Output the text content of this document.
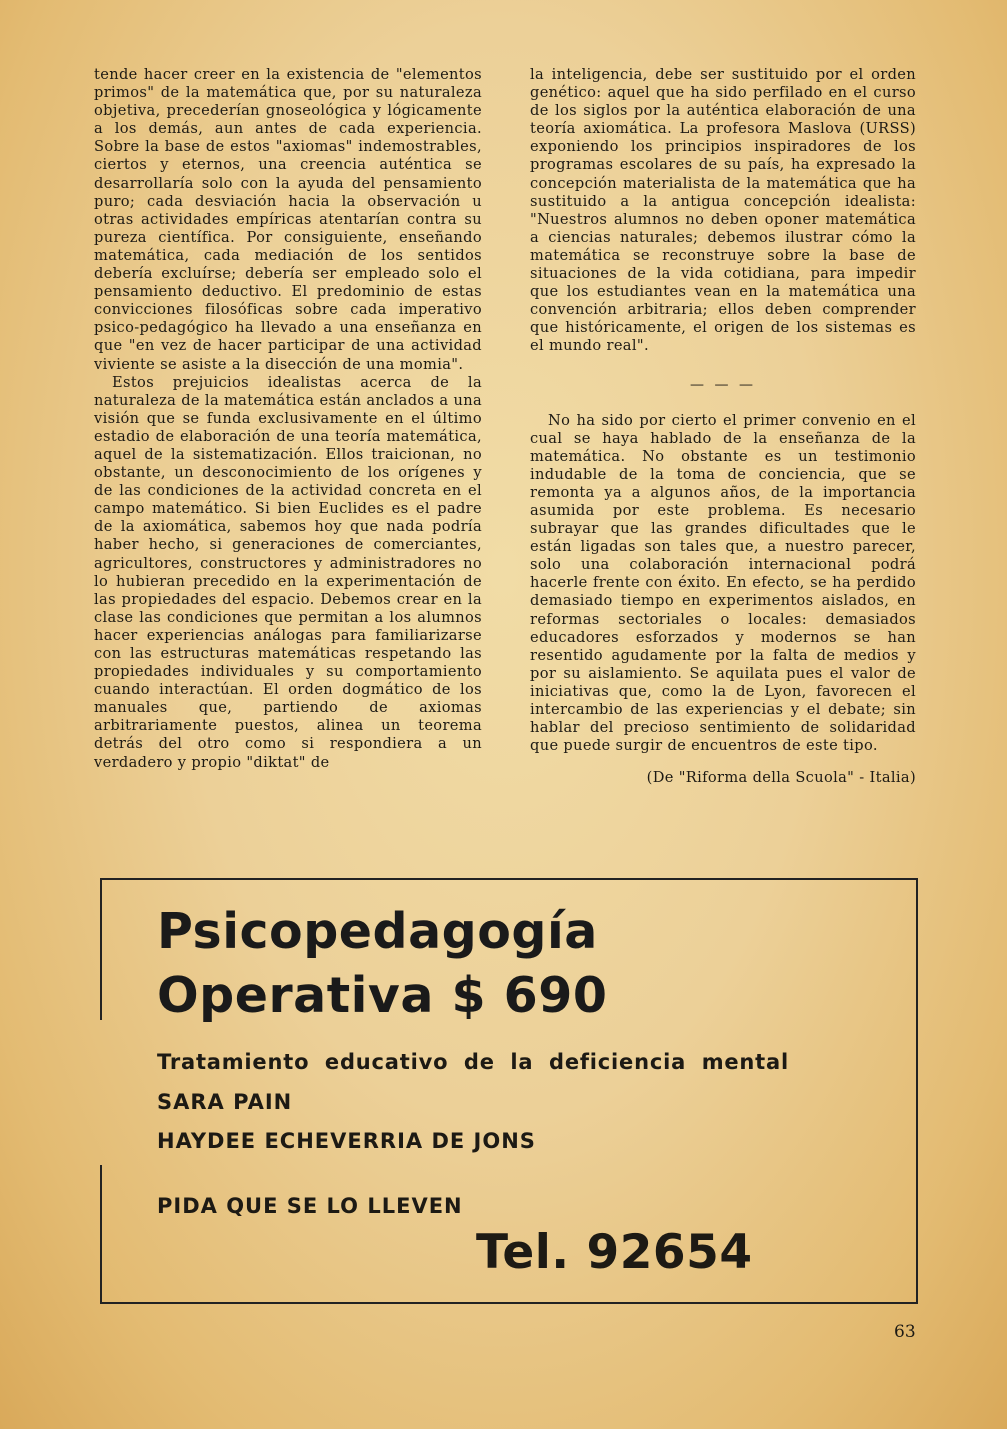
tende hacer creer en la existencia de "elementos primos" de la matemática que, por su naturaleza objetiva, precederían gnoseológica y lógicamente a los demás, aun antes de cada experiencia. Sobre la base de estos "axiomas" indemostrables, ciertos y eternos, una creencia auténtica se desarrollaría solo con la ayuda del pensamiento puro; cada desviación hacia la observación u otras actividades empíricas atentarían contra su pureza científica. Por consiguiente, enseñando matemática, cada mediación de los sentidos debería excluírse; debería ser empleado solo el pensamiento deductivo. El predominio de estas convicciones filosóficas sobre cada imperativo psico-pedagógico ha llevado a una enseñanza en que "en vez de hacer participar de una actividad viviente se asiste a la disección de una momia".

Estos prejuicios idealistas acerca de la naturaleza de la matemática están anclados a una visión que se funda exclusivamente en el último estadio de elaboración de una teoría matemática, aquel de la sistematización. Ellos traicionan, no obstante, un desconocimiento de los orígenes y de las condiciones de la actividad concreta en el campo matemático. Si bien Euclides es el padre de la axiomática, sabemos hoy que nada podría haber hecho, si generaciones de comerciantes, agricultores, constructores y administradores no lo hubieran precedido en la experimentación de las propiedades del espacio. Debemos crear en la clase las condiciones que permitan a los alumnos hacer experiencias análogas para familiarizarse con las estructuras matemáticas respetando las propiedades individuales y su comportamiento cuando interactúan. El orden dogmático de los manuales que, partiendo de axiomas arbitrariamente puestos, alinea un teorema detrás del otro como si respondiera a un verdadero y propio "diktat" de

la inteligencia, debe ser sustituido por el orden genético: aquel que ha sido perfilado en el curso de los siglos por la auténtica elaboración de una teoría axiomática. La profesora Maslova (URSS) exponiendo los principios inspiradores de los programas escolares de su país, ha expresado la concepción materialista de la matemática que ha sustituido a la antigua concepción idealista: "Nuestros alumnos no deben oponer matemática a ciencias naturales; debemos ilustrar cómo la matemática se reconstruye sobre la base de situaciones de la vida cotidiana, para impedir que los estudiantes vean en la matemática una convención arbitraria; ellos deben comprender que históricamente, el origen de los sistemas es el mundo real".

— — —

No ha sido por cierto el primer convenio en el cual se haya hablado de la enseñanza de la matemática. No obstante es un testimonio indudable de la toma de conciencia, que se remonta ya a algunos años, de la importancia asumida por este problema. Es necesario subrayar que las grandes dificultades que le están ligadas son tales que, a nuestro parecer, solo una colaboración internacional podrá hacerle frente con éxito. En efecto, se ha perdido demasiado tiempo en experimentos aislados, en reformas sectoriales o locales: demasiados educadores esforzados y modernos se han resentido agudamente por la falta de medios y por su aislamiento. Se aquilata pues el valor de iniciativas que, como la de Lyon, favorecen el intercambio de las experiencias y el debate; sin hablar del precioso sentimiento de solidaridad que puede surgir de encuentros de este tipo.

(De "Riforma della Scuola" - Italia)
Psicopedagogía
Operativa $ 690
Tratamiento educativo de la deficiencia mental
SARA PAIN
HAYDEE ECHEVERRIA DE JONS
PIDA QUE SE LO LLEVEN
Tel. 92654
63
